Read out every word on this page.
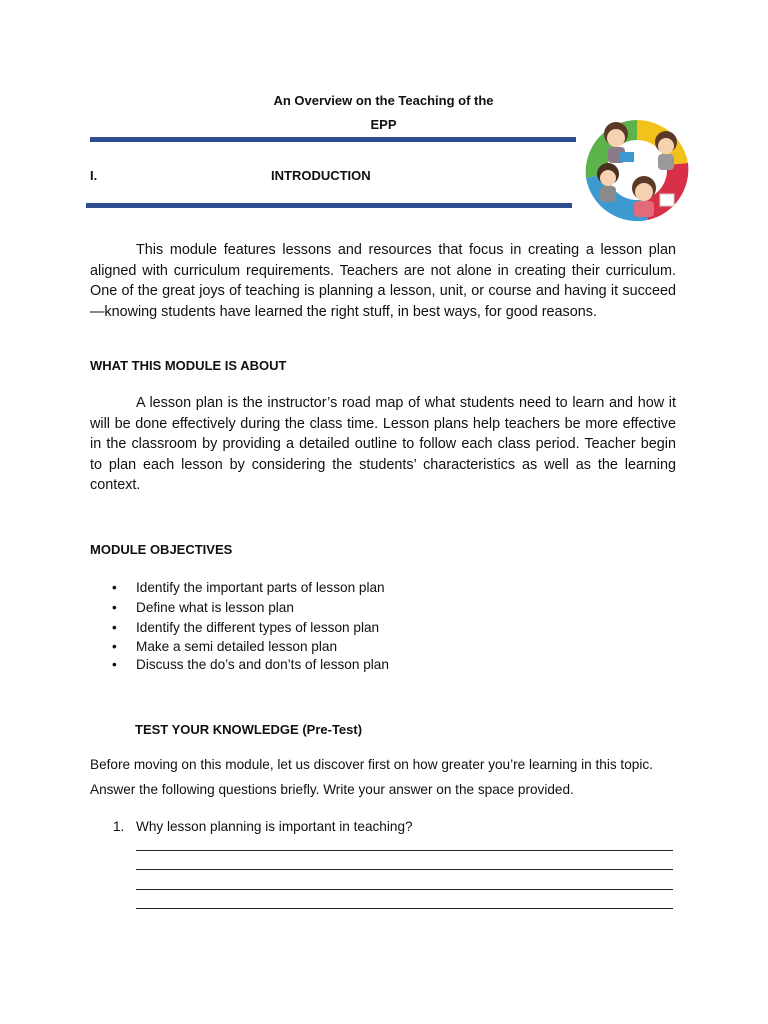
An Overview on the Teaching of the
EPP
I.	INTRODUCTION
This module features lessons and resources that focus in creating a lesson plan aligned with curriculum requirements. Teachers are not alone in creating their curriculum. One of the great joys of teaching is planning a lesson, unit, or course and having it succeed—knowing students have learned the right stuff, in best ways, for good reasons.
WHAT THIS MODULE IS ABOUT
A lesson plan is the instructor’s road map of what students need to learn and how it will be done effectively during the class time. Lesson plans help teachers be more effective in the classroom by providing a detailed outline to follow each class period. Teacher begin to plan each lesson by considering the students’ characteristics as well as the learning context.
MODULE OBJECTIVES
• Identify the important parts of lesson plan
• Define what is lesson plan
• Identify the different types of lesson plan
• Make a semi detailed lesson plan
• Discuss the do’s and don’ts of lesson plan
TEST YOUR KNOWLEDGE (Pre-Test)
Before moving on this module, let us discover first on how greater you’re learning in this topic.
Answer the following questions briefly. Write your answer on the space provided.
1. Why lesson planning is important in teaching?
